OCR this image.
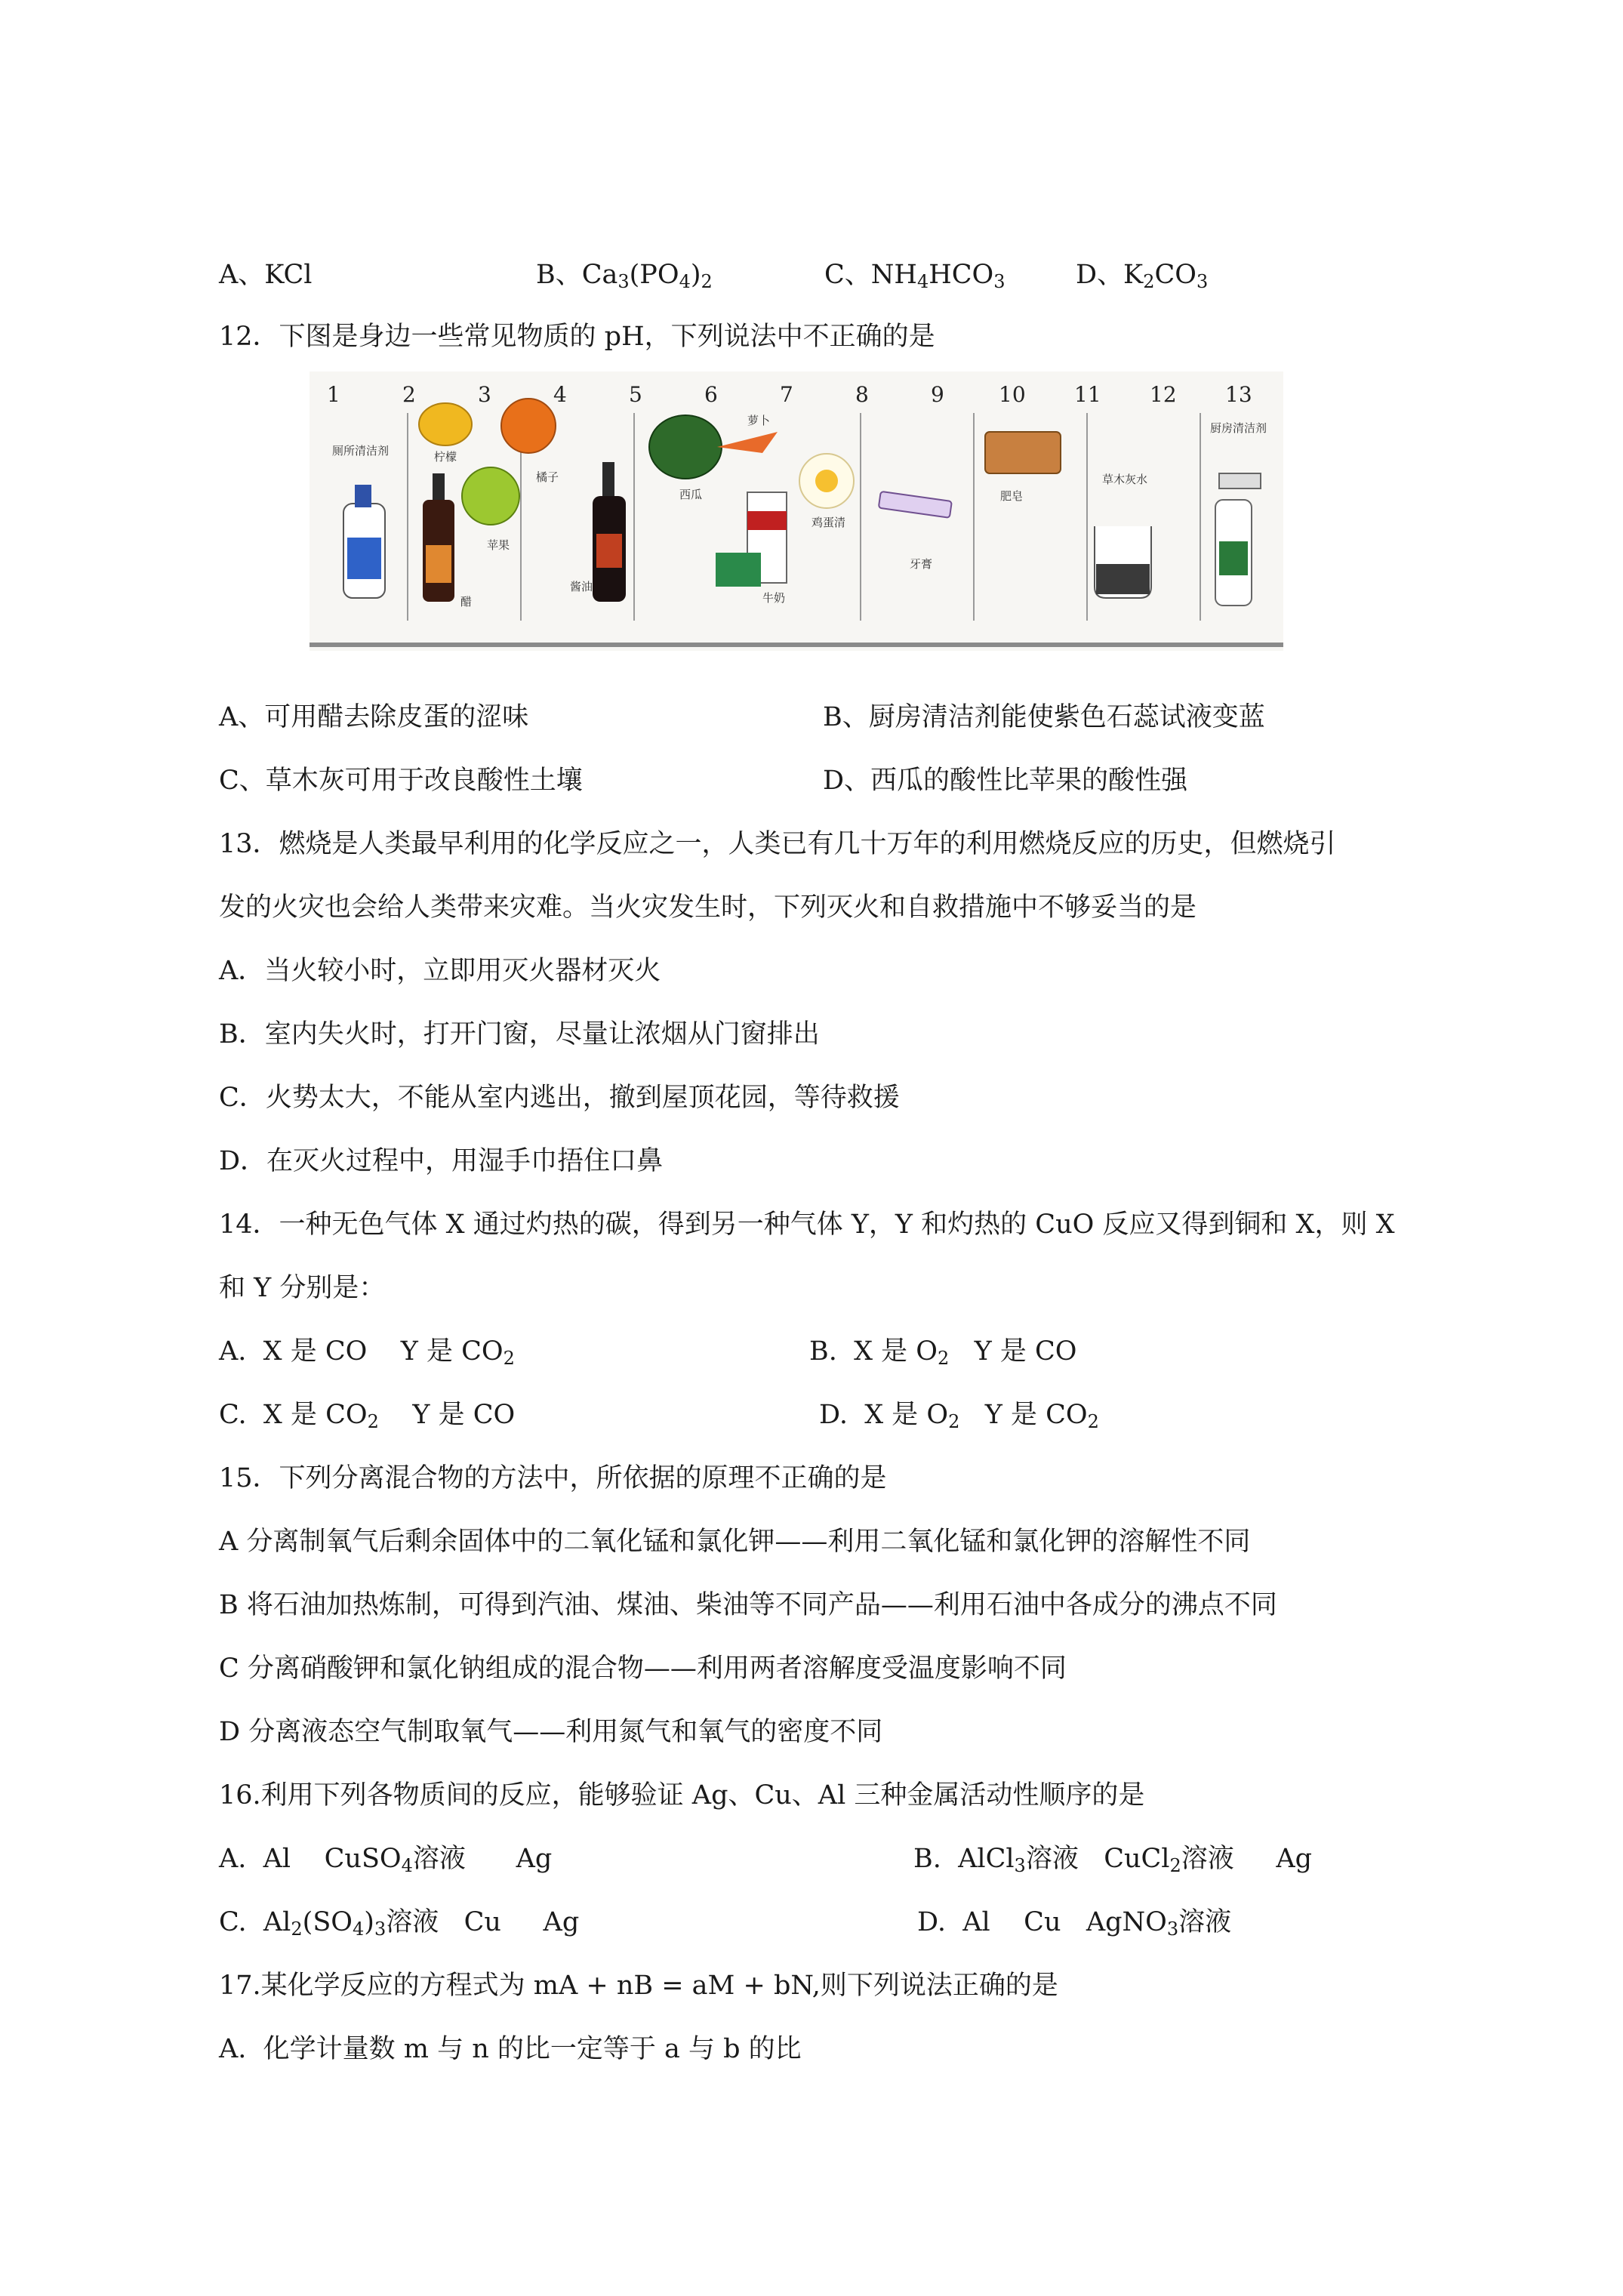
A、KCl	B、$Ca_3(PO_4)_2$	C、$NH_4HCO_3$	D、$K_2CO_3$
12．下图是身边一些常见物质的 pH，下列说法中不正确的是
1	2	3	4	5	6	7	8	9	10 11 12 13
厕所清洁剂	柠檬
醋
橘子
苹果
酱油
西瓜
萝卜
牛奶
鸡蛋清
牙膏
肥皂
草木灰水
厨房清洁剂
A、可用醋去除皮蛋的涩味	B、厨房清洁剂能使紫色石蕊试液变蓝
C、草木灰可用于改良酸性土壤	D、西瓜的酸性比苹果的酸性强
13．燃烧是人类最早利用的化学反应之一，人类已有几十万年的利用燃烧反应的历史，但燃烧引
发的火灾也会给人类带来灾难。当火灾发生时，下列灭火和自救措施中不够妥当的是
A．当火较小时，立即用灭火器材灭火
B．室内失火时，打开门窗，尽量让浓烟从门窗排出
C．火势太大，不能从室内逃出，撤到屋顶花园，等待救援
D．在灭火过程中，用湿手巾捂住口鼻
14．一种无色气体 X 通过灼热的碳，得到另一种气体 Y，Y 和灼热的 CuO 反应又得到铜和 X，则 X
和 Y 分别是：
A.  X 是 CO    Y 是 $CO_2$	B.  X 是 $O_2$   Y 是 CO
C.  X 是 $CO_2$    Y 是 CO	D.  X 是 $O_2$   Y 是 $CO_2$
15．下列分离混合物的方法中，所依据的原理不正确的是
A 分离制氧气后剩余固体中的二氧化锰和氯化钾——利用二氧化锰和氯化钾的溶解性不同
B 将石油加热炼制，可得到汽油、煤油、柴油等不同产品——利用石油中各成分的沸点不同
C 分离硝酸钾和氯化钠组成的混合物——利用两者溶解度受温度影响不同
D 分离液态空气制取氧气——利用氮气和氧气的密度不同
16.利用下列各物质间的反应，能够验证 Ag、Cu、Al 三种金属活动性顺序的是
A.  Al    CuSO$_4$溶液      Ag	B.  AlCl$_3$溶液   CuCl$_2$溶液     Ag
C.  $Al_2(SO_4)_3$溶液   Cu     Ag	D.  Al    Cu   AgNO$_3$溶液
17.某化学反应的方程式为 mA + nB = aM + bN,则下列说法正确的是
A.  化学计量数 m 与 n 的比一定等于 a 与 b 的比
